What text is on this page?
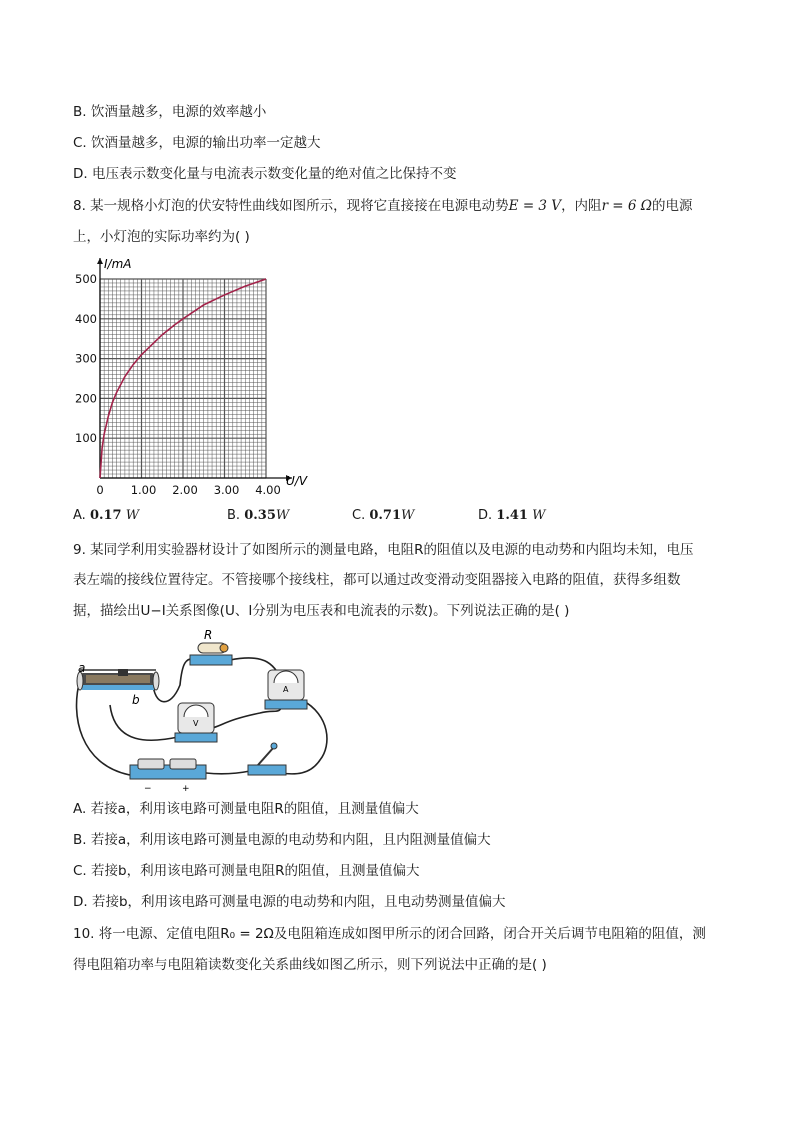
B. 饮酒量越多，电源的效率越小
C. 饮酒量越多，电源的输出功率一定越大
D. 电压表示数变化量与电流表示数变化量的绝对值之比保持不变
8. 某一规格小灯泡的伏安特性曲线如图所示，现将它直接接在电源电动势E = 3 V，内阻r = 6 Ω的电源
上，小灯泡的实际功率约为( )
100
200
300
400
500
0 1.00 2.00 3.00 4.00
I/mA
U/V
A. 0.17 W	B. 0.35W	C. 0.71W	D. 1.41 W
9. 某同学利用实验器材设计了如图所示的测量电路，电阻R的阻值以及电源的电动势和内阻均未知，电压
表左端的接线位置待定。不管接哪个接线柱，都可以通过改变滑动变阻器接入电路的阻值，获得多组数
据，描绘出U−I关系图像(U、I分别为电压表和电流表的示数)。下列说法正确的是( )
a
b
R
A
V
−	+
A. 若接a，利用该电路可测量电阻R的阻值，且测量值偏大
B. 若接a，利用该电路可测量电源的电动势和内阻，且内阻测量值偏大
C. 若接b，利用该电路可测量电阻R的阻值，且测量值偏大
D. 若接b，利用该电路可测量电源的电动势和内阻，且电动势测量值偏大
10. 将一电源、定值电阻R₀ = 2Ω及电阻箱连成如图甲所示的闭合回路，闭合开关后调节电阻箱的阻值，测
得电阻箱功率与电阻箱读数变化关系曲线如图乙所示，则下列说法中正确的是( )
